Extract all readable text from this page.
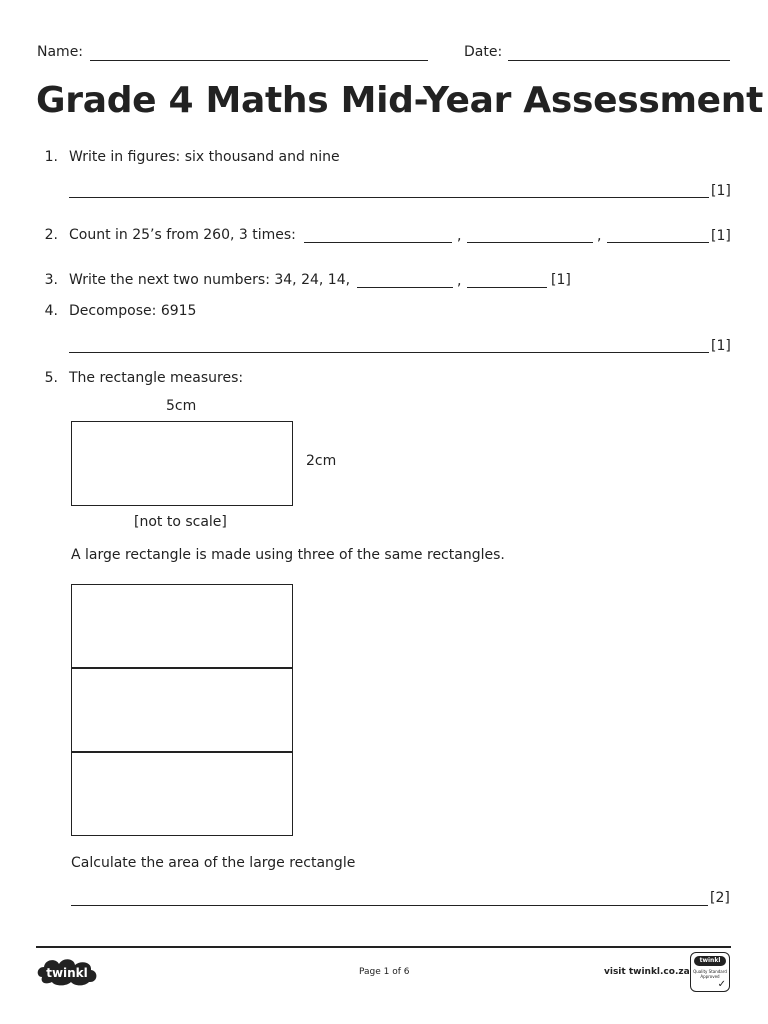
Name:	Date:
Grade 4 Maths Mid-Year Assessment
1. Write in figures: six thousand and nine
[1]
2. Count in 25’s from 260, 3 times:	,	,	[1]
3. Write the next two numbers: 34, 24, 14,	,	[1]
4. Decompose: 6915
[1]
5. The rectangle measures:
5cm
2cm
[not to scale]
A large rectangle is made using three of the same rectangles.
Calculate the area of the large rectangle
[2]
twinkl	Page 1 of 6	visit twinkl.co.za
twinkl
Quality Standard Approved
✓
